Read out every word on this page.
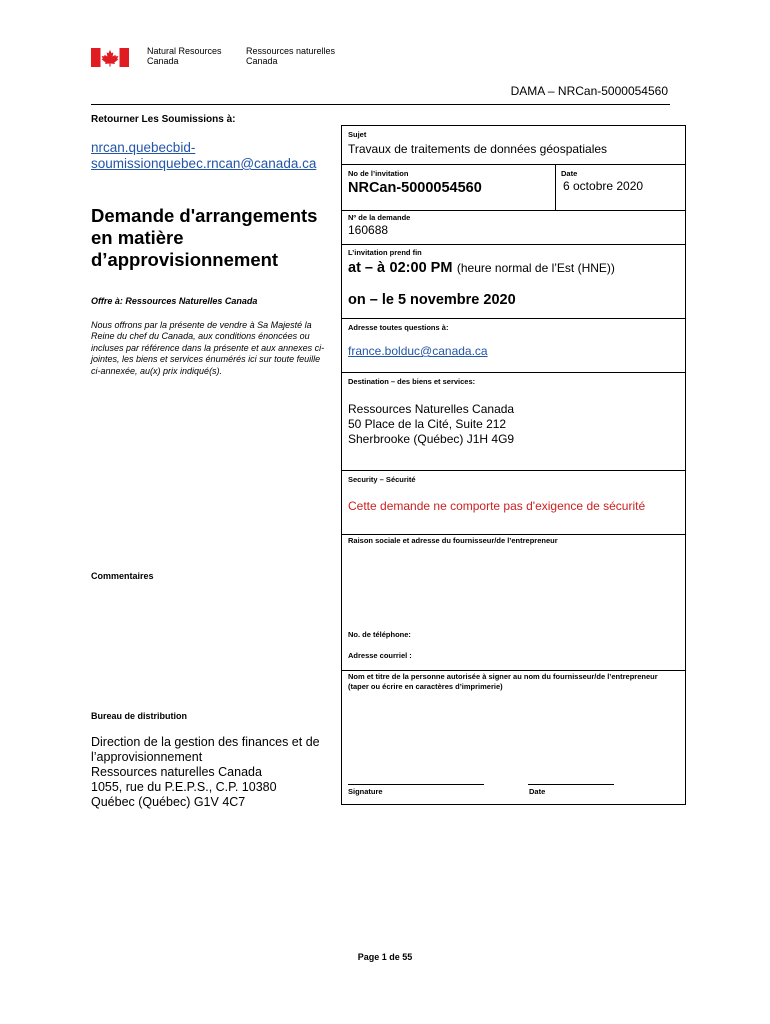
Natural Resources
Canada
Ressources naturelles
Canada
DAMA – NRCan-5000054560
Retourner Les Soumissions à:
nrcan.quebecbid-
soumissionquebec.rncan@canada.ca
Demande d'arrangements
en matière
d’approvisionnement
Offre à: Ressources Naturelles Canada
Nous offrons par la présente de vendre à Sa Majesté la Reine du chef du Canada, aux conditions énoncées ou incluses par référence dans la présente et aux annexes ci-jointes, les biens et services énumérés ici sur toute feuille ci-annexée, au(x) prix indiqué(s).
Commentaires
Bureau de distribution
Direction de la gestion des finances et de l’approvisionnement
Ressources naturelles Canada
1055, rue du P.E.P.S., C.P. 10380
Québec (Québec) G1V 4C7
Sujet
Travaux de traitements de données géospatiales
No de l’invitation
NRCan-5000054560
Date
6 octobre 2020
Nº de la demande
160688
L’invitation prend fin
at – à 02:00 PM (heure normal de l’Est (HNE))
on – le 5 novembre 2020
Adresse toutes questions à:
france.bolduc@canada.ca
Destination – des biens et services:
Ressources Naturelles Canada
50 Place de la Cité, Suite 212
Sherbrooke (Québec) J1H 4G9
Security – Sécurité
Cette demande ne comporte pas d'exigence de sécurité
Raison sociale et adresse du fournisseur/de l’entrepreneur
No. de téléphone:
Adresse courriel :
Nom et titre de la personne autorisée à signer au nom du fournisseur/de l’entrepreneur (taper ou écrire en caractères d’imprimerie)
Signature	Date
Page 1 de 55
